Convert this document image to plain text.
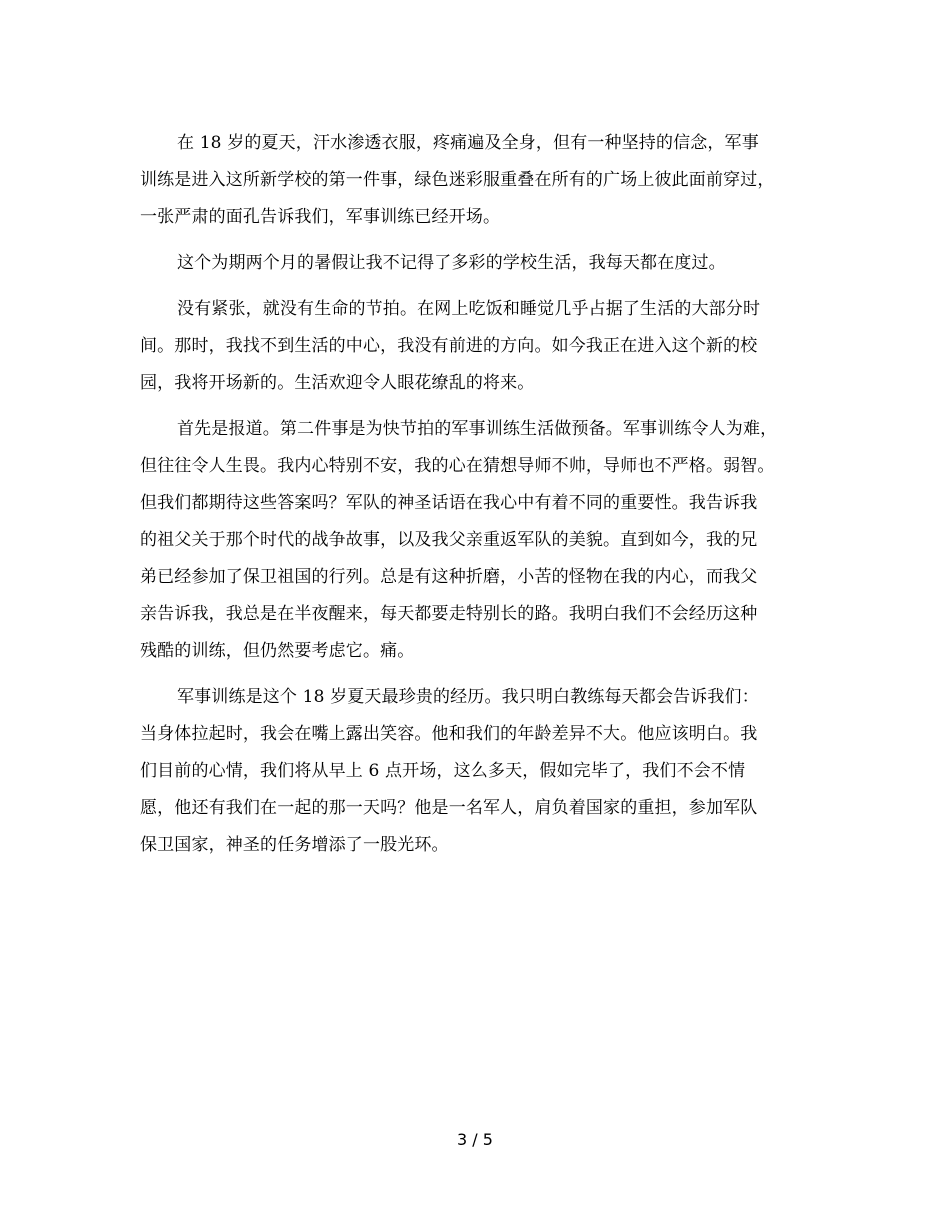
在 18 岁的夏天，汗水渗透衣服，疼痛遍及全身，但有一种坚持的信念，军事
训练是进入这所新学校的第一件事，绿色迷彩服重叠在所有的广场上彼此面前穿过，
一张严肃的面孔告诉我们，军事训练已经开场。
这个为期两个月的暑假让我不记得了多彩的学校生活，我每天都在度过。
没有紧张，就没有生命的节拍。在网上吃饭和睡觉几乎占据了生活的大部分时
间。那时，我找不到生活的中心，我没有前进的方向。如今我正在进入这个新的校
园，我将开场新的。生活欢迎令人眼花缭乱的将来。
首先是报道。第二件事是为快节拍的军事训练生活做预备。军事训练令人为难，
但往往令人生畏。我内心特别不安，我的心在猜想导师不帅，导师也不严格。弱智。
但我们都期待这些答案吗？军队的神圣话语在我心中有着不同的重要性。我告诉我
的祖父关于那个时代的战争故事，以及我父亲重返军队的美貌。直到如今，我的兄
弟已经参加了保卫祖国的行列。总是有这种折磨，小苦的怪物在我的内心，而我父
亲告诉我，我总是在半夜醒来，每天都要走特别长的路。我明白我们不会经历这种
残酷的训练，但仍然要考虑它。痛。
军事训练是这个 18 岁夏天最珍贵的经历。我只明白教练每天都会告诉我们：
当身体拉起时，我会在嘴上露出笑容。他和我们的年龄差异不大。他应该明白。我
们目前的心情，我们将从早上 6 点开场，这么多天，假如完毕了，我们不会不情
愿，他还有我们在一起的那一天吗？他是一名军人，肩负着国家的重担，参加军队
保卫国家，神圣的任务增添了一股光环。
3 / 5
